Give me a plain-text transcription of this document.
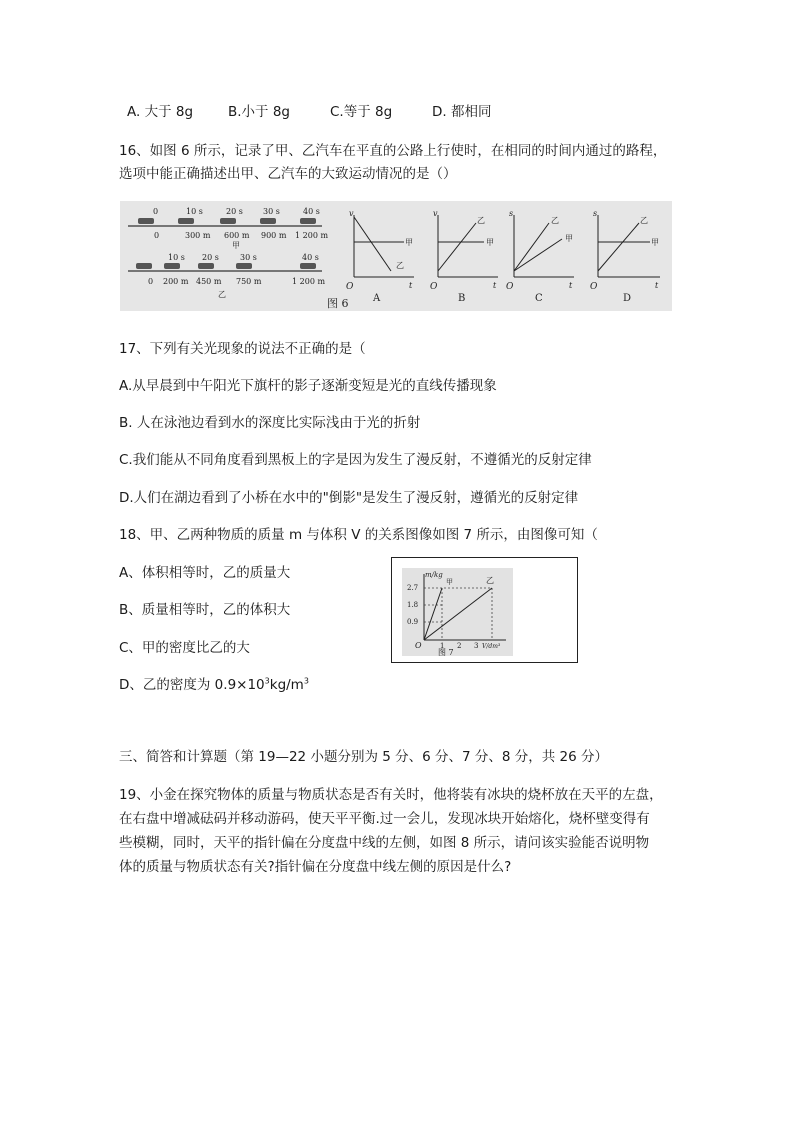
A. 大于 8g	B.小于 8g	C.等于 8g	D. 都相同
16、如图 6 所示，记录了甲、乙汽车在平直的公路上行使时，在相同的时间内通过的路程，
选项中能正确描述出甲、乙汽车的大致运动情况的是（）
0	10 s	20 s	30 s	40 s
0	300 m 600 m 900 m 1 200 m
甲
0
10 s 20 s	30 s	40 s
200 m 450 m 750 m	1 200 m
乙
图 6
v
t
O
甲
乙
A
v
t
O
甲
乙
B
s
t
O
甲
乙
C
s
t
O
甲
乙
D
17、下列有关光现象的说法不正确的是（
A.从早晨到中午阳光下旗杆的影子逐渐变短是光的直线传播现象
B. 人在泳池边看到水的深度比实际浅由于光的折射
C.我们能从不同角度看到黑板上的字是因为发生了漫反射，不遵循光的反射定律
D.人们在湖边看到了小桥在水中的"倒影"是发生了漫反射，遵循光的反射定律
18、甲、乙两种物质的质量 m 与体积 V 的关系图像如图 7 所示，由图像可知（
A、体积相等时，乙的质量大
B、质量相等时，乙的体积大
C、甲的密度比乙的大
D、乙的密度为 $0.9\times 10^3kg/m^3$
m/kg
甲	乙
2.7
1.8
0.9
O	1 2 3 V/dm³
图 7
三、简答和计算题（第 19—22 小题分别为 5 分、6 分、7 分、8 分，共 26 分）
19、小金在探究物体的质量与物质状态是否有关时，他将装有冰块的烧杯放在天平的左盘，
在右盘中增减砝码并移动游码，使天平平衡.过一会儿，发现冰块开始熔化，烧杯壁变得有
些模糊，同时，天平的指针偏在分度盘中线的左侧，如图 8 所示，请问该实验能否说明物
体的质量与物质状态有关?指针偏在分度盘中线左侧的原因是什么?
